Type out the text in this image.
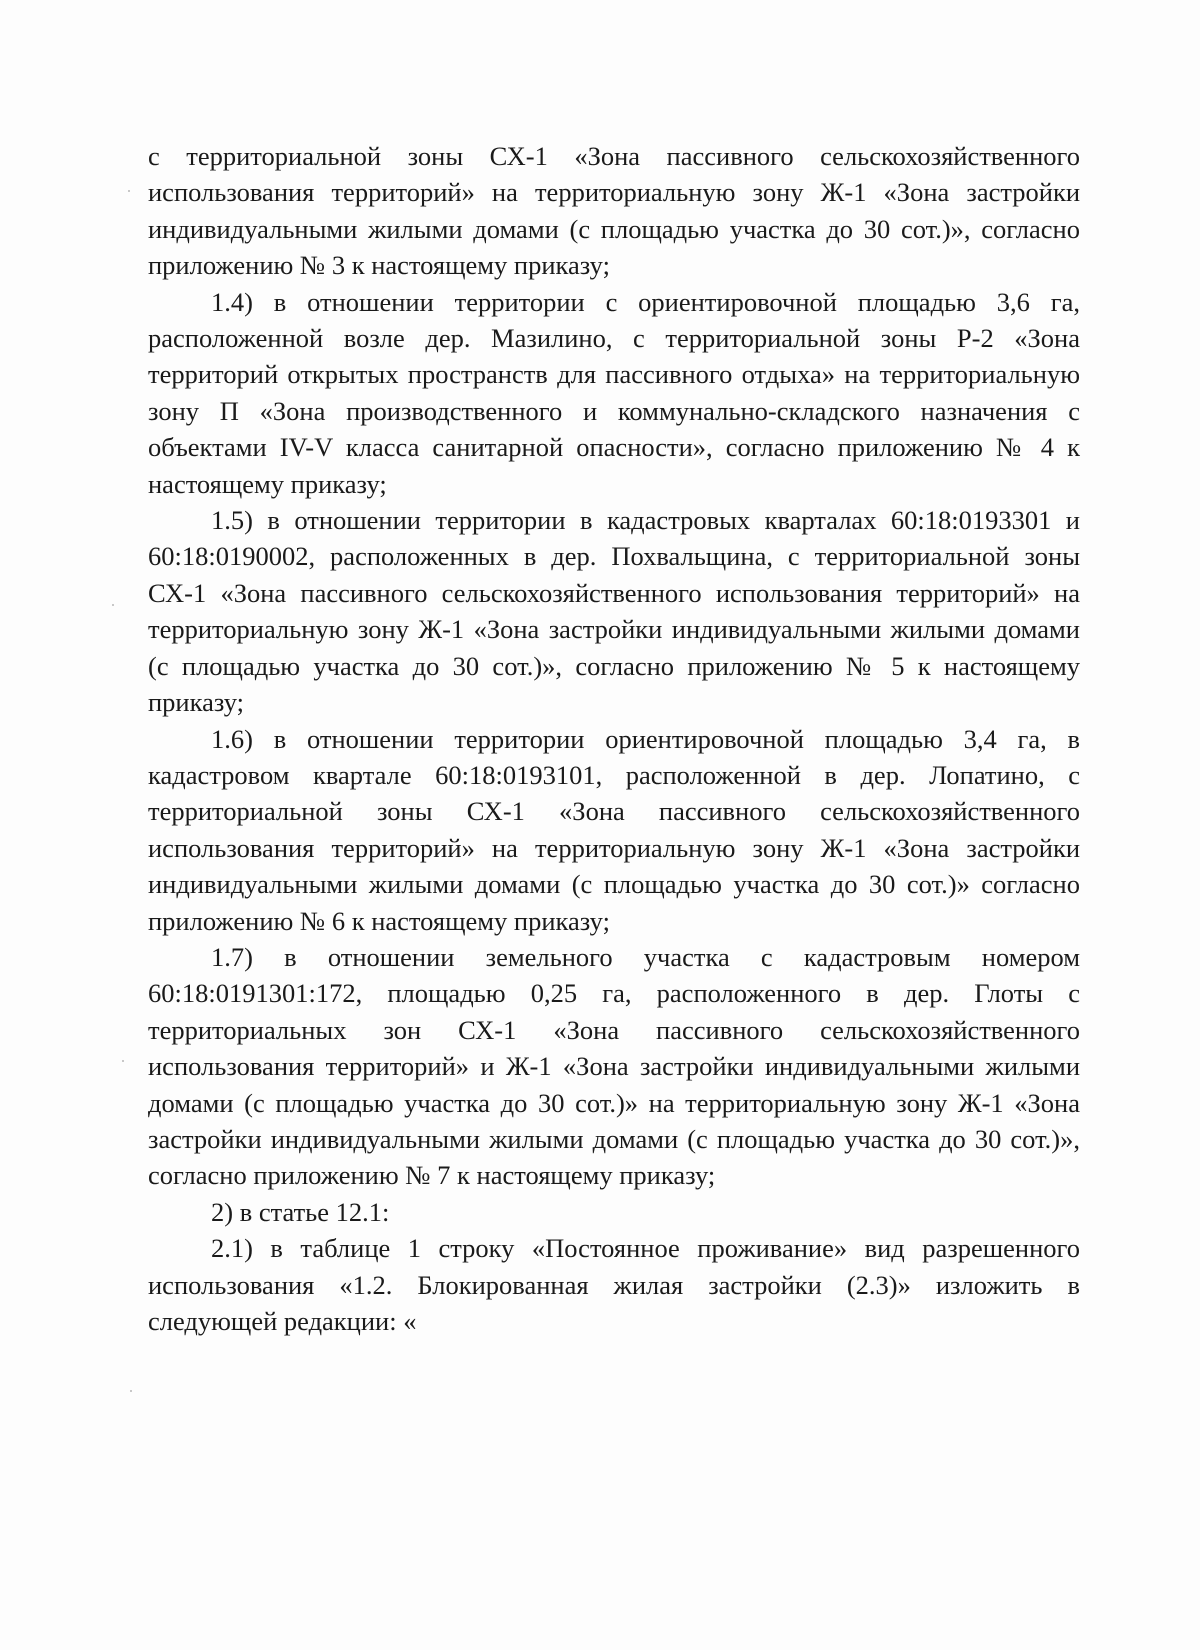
с территориальной зоны СХ-1 «Зона пассивного сельскохозяйственного использования территорий» на территориальную зону Ж-1 «Зона застройки индивидуальными жилыми домами (с площадью участка до 30 сот.)», согласно приложению № 3 к настоящему приказу;

1.4) в отношении территории с ориентировочной площадью 3,6 га, расположенной возле дер. Мазилино, с территориальной зоны Р-2 «Зона территорий открытых пространств для пассивного отдыха» на территориальную зону П «Зона производственного и коммунально-складского назначения с объектами IV-V класса санитарной опасности», согласно приложению № 4 к настоящему приказу;

1.5) в отношении территории в кадастровых кварталах 60:18:0193301 и 60:18:0190002, расположенных в дер. Похвальщина, с территориальной зоны СХ-1 «Зона пассивного сельскохозяйственного использования территорий» на территориальную зону Ж-1 «Зона застройки индивидуальными жилыми домами (с площадью участка до 30 сот.)», согласно приложению № 5 к настоящему приказу;

1.6) в отношении территории ориентировочной площадью 3,4 га, в кадастровом квартале 60:18:0193101, расположенной в дер. Лопатино, с территориальной зоны СХ-1 «Зона пассивного сельскохозяйственного использования территорий» на территориальную зону Ж-1 «Зона застройки индивидуальными жилыми домами (с площадью участка до 30 сот.)» согласно приложению № 6 к настоящему приказу;

1.7) в отношении земельного участка с кадастровым номером 60:18:0191301:172, площадью 0,25 га, расположенного в дер. Глоты с территориальных зон СХ-1 «Зона пассивного сельскохозяйственного использования территорий» и Ж-1 «Зона застройки индивидуальными жилыми домами (с площадью участка до 30 сот.)» на территориальную зону Ж-1 «Зона застройки индивидуальными жилыми домами (с площадью участка до 30 сот.)», согласно приложению № 7 к настоящему приказу;

2) в статье 12.1:

2.1) в таблице 1 строку «Постоянное проживание» вид разрешенного использования «1.2. Блокированная жилая застройки (2.3)» изложить в следующей редакции: «
